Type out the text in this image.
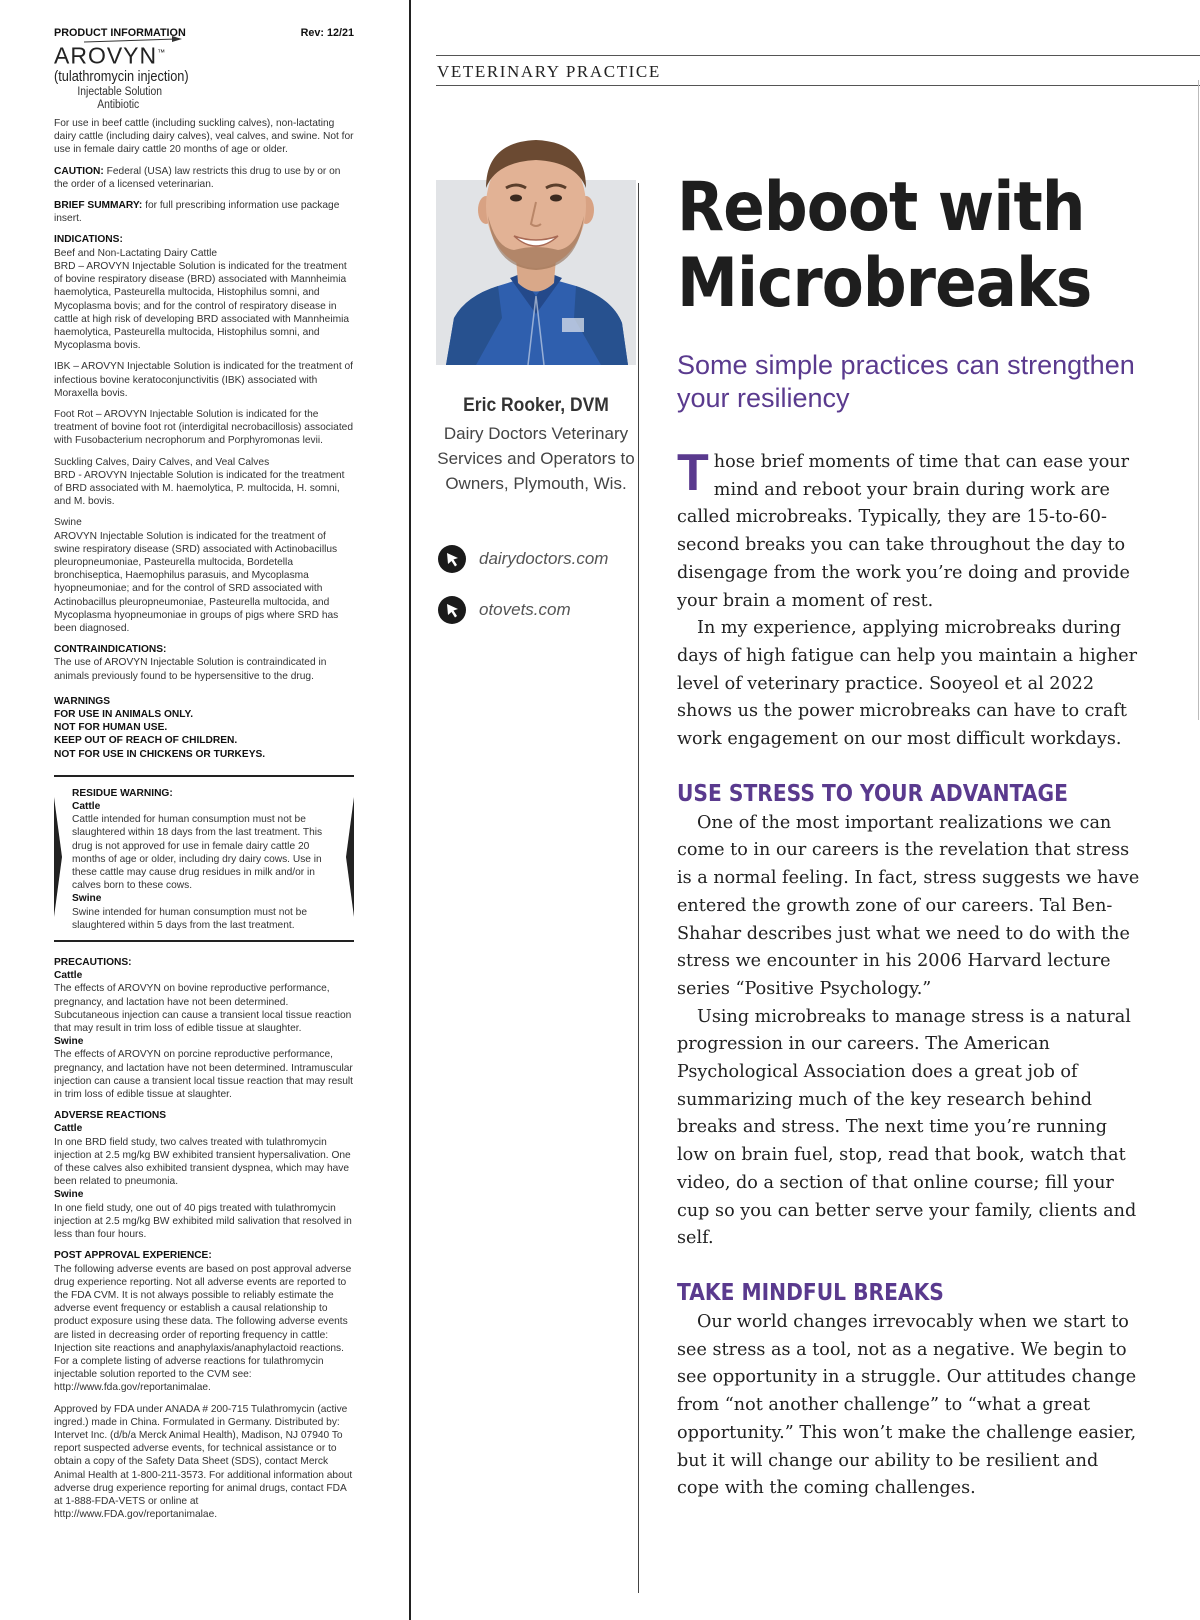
PRODUCT INFORMATION	Rev: 12/21
AROVYN™
(tulathromycin injection)
Injectable Solution
Antibiotic

For use in beef cattle (including suckling calves), non-lactating dairy cattle (including dairy calves), veal calves, and swine. Not for use in female dairy cattle 20 months of age or older.

CAUTION: Federal (USA) law restricts this drug to use by or on the order of a licensed veterinarian.

BRIEF SUMMARY: for full prescribing information use package insert.

INDICATIONS:
Beef and Non-Lactating Dairy Cattle
BRD – AROVYN Injectable Solution is indicated for the treatment of bovine respiratory disease (BRD) associated with Mannheimia haemolytica, Pasteurella multocida, Histophilus somni, and Mycoplasma bovis; and for the control of respiratory disease in cattle at high risk of developing BRD associated with Mannheimia haemolytica, Pasteurella multocida, Histophilus somni, and Mycoplasma bovis.

IBK – AROVYN Injectable Solution is indicated for the treatment of infectious bovine keratoconjunctivitis (IBK) associated with Moraxella bovis.

Foot Rot – AROVYN Injectable Solution is indicated for the treatment of bovine foot rot (interdigital necrobacillosis) associated with Fusobacterium necrophorum and Porphyromonas levii.

Suckling Calves, Dairy Calves, and Veal Calves
BRD - AROVYN Injectable Solution is indicated for the treatment of BRD associated with M. haemolytica, P. multocida, H. somni, and M. bovis.
Swine
AROVYN Injectable Solution is indicated for the treatment of swine respiratory disease (SRD) associated with Actinobacillus pleuropneumoniae, Pasteurella multocida, Bordetella bronchiseptica, Haemophilus parasuis, and Mycoplasma hyopneumoniae; and for the control of SRD associated with Actinobacillus pleuropneumoniae, Pasteurella multocida, and Mycoplasma hyopneumoniae in groups of pigs where SRD has been diagnosed.
CONTRAINDICATIONS:
The use of AROVYN Injectable Solution is contraindicated in animals previously found to be hypersensitive to the drug.
WARNINGS
FOR USE IN ANIMALS ONLY.
NOT FOR HUMAN USE.
KEEP OUT OF REACH OF CHILDREN.
NOT FOR USE IN CHICKENS OR TURKEYS.
RESIDUE WARNING:
Cattle
Cattle intended for human consumption must not be slaughtered within 18 days from the last treatment. This drug is not approved for use in female dairy cattle 20 months of age or older, including dry dairy cows. Use in these cattle may cause drug residues in milk and/or in calves born to these cows.
Swine
Swine intended for human consumption must not be slaughtered within 5 days from the last treatment.
PRECAUTIONS:
Cattle
The effects of AROVYN on bovine reproductive performance, pregnancy, and lactation have not been determined. Subcutaneous injection can cause a transient local tissue reaction that may result in trim loss of edible tissue at slaughter.
Swine
The effects of AROVYN on porcine reproductive performance, pregnancy, and lactation have not been determined. Intramuscular injection can cause a transient local tissue reaction that may result in trim loss of edible tissue at slaughter.
ADVERSE REACTIONS
Cattle
In one BRD field study, two calves treated with tulathromycin injection at 2.5 mg/kg BW exhibited transient hypersalivation. One of these calves also exhibited transient dyspnea, which may have been related to pneumonia.
Swine
In one field study, one out of 40 pigs treated with tulathromycin injection at 2.5 mg/kg BW exhibited mild salivation that resolved in less than four hours.
POST APPROVAL EXPERIENCE:
The following adverse events are based on post approval adverse drug experience reporting. Not all adverse events are reported to the FDA CVM. It is not always possible to reliably estimate the adverse event frequency or establish a causal relationship to product exposure using these data. The following adverse events are listed in decreasing order of reporting frequency in cattle: Injection site reactions and anaphylaxis/anaphylactoid reactions. For a complete listing of adverse reactions for tulathromycin injectable solution reported to the CVM see:
http://www.fda.gov/reportanimalae.

Approved by FDA under ANADA # 200-715 Tulathromycin (active ingred.) made in China. Formulated in Germany. Distributed by: Intervet Inc. (d/b/a Merck Animal Health), Madison, NJ 07940 To report suspected adverse events, for technical assistance or to obtain a copy of the Safety Data Sheet (SDS), contact Merck Animal Health at 1-800-211-3573. For additional information about adverse drug experience reporting for animal drugs, contact FDA at 1-888-FDA-VETS or online at

http://www.FDA.gov/reportanimalae.
VETERINARY PRACTICE
Eric Rooker, DVM
Dairy Doctors Veterinary Services and Operators to Owners, Plymouth, Wis.
dairydoctors.com
otovets.com
Reboot with Microbreaks
Some simple practices can strengthen your resiliency

Those brief moments of time that can ease your mind and reboot your brain during work are called microbreaks. Typically, they are 15-to-60-second breaks you can take throughout the day to disengage from the work you’re doing and provide your brain a moment of rest.

In my experience, applying microbreaks during days of high fatigue can help you maintain a higher level of veterinary practice. Sooyeol et al 2022 shows us the power microbreaks can have to craft work engagement on our most difficult workdays.

USE STRESS TO YOUR ADVANTAGE

One of the most important realizations we can come to in our careers is the revelation that stress is a normal feeling. In fact, stress suggests we have entered the growth zone of our careers. Tal Ben-Shahar describes just what we need to do with the stress we encounter in his 2006 Harvard lecture series “Positive Psychology.”

Using microbreaks to manage stress is a natural progression in our careers. The American Psychological Association does a great job of summarizing much of the key research behind breaks and stress. The next time you’re running low on brain fuel, stop, read that book, watch that video, do a section of that online course; fill your cup so you can better serve your family, clients and self.

TAKE MINDFUL BREAKS

Our world changes irrevocably when we start to see stress as a tool, not as a negative. We begin to see opportunity in a struggle. Our attitudes change from “not another challenge” to “what a great opportunity.” This won’t make the challenge easier, but it will change our ability to be resilient and cope with the coming challenges.
